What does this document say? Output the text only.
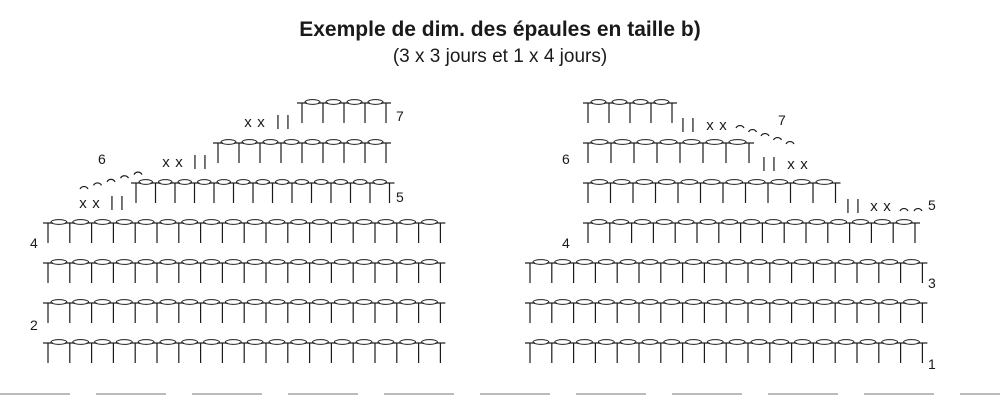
Exemple de dim. des épaules en taille b)
(3 x 3 jours et 1 x 4 jours)
2
4
5
6
7
x x | |
x x | |
x x | |
1
3
4
5
6
7
| | x x
| | x x
| | x x
